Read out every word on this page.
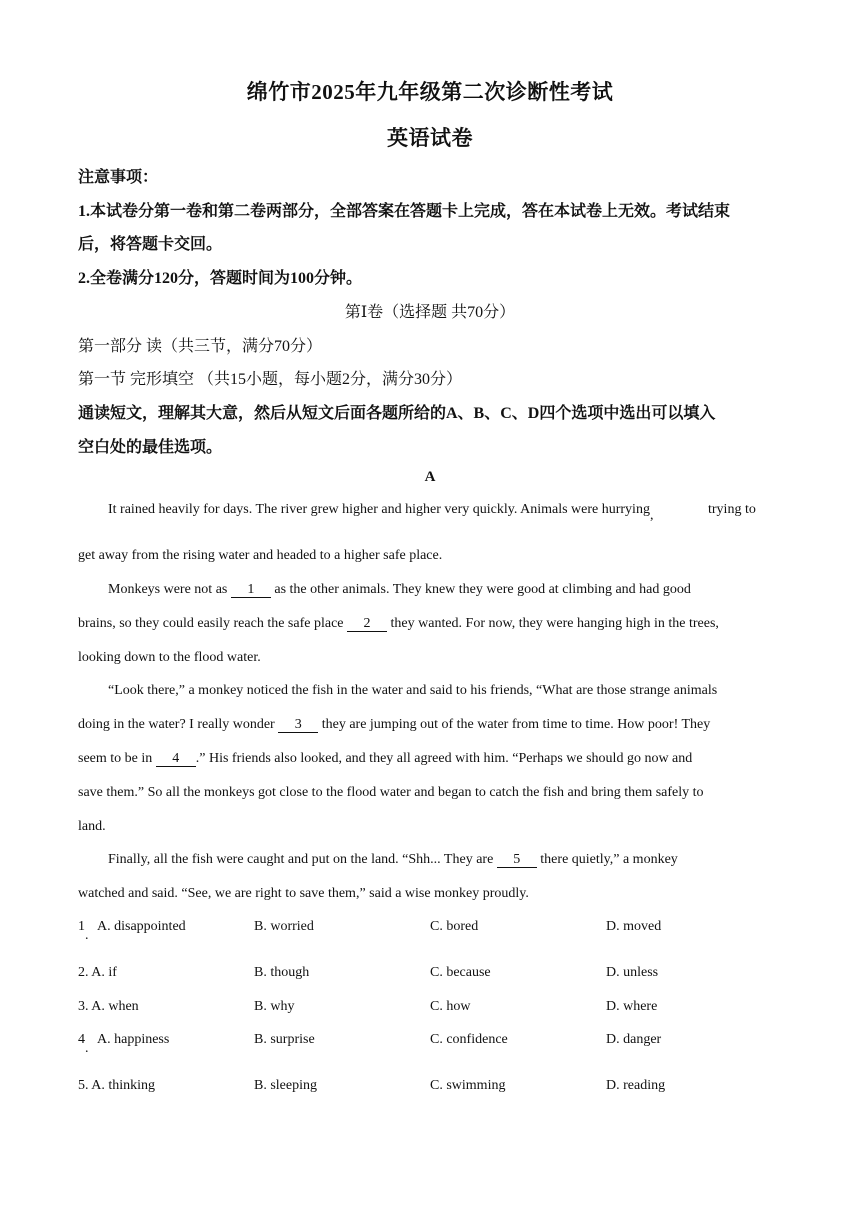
绵竹市2025年九年级第二次诊断性考试
英语试卷
注意事项：
1.本试卷分第一卷和第二卷两部分，全部答案在答题卡上完成，答在本试卷上无效。考试结束
后，将答题卡交回。
2.全卷满分120分，答题时间为100分钟。
第Ⅰ卷（选择题 共70分）
第一部分 读（共三节，满分70分）
第一节 完形填空 （共15小题，每小题2分，满分30分）
通读短文，理解其大意，然后从短文后面各题所给的A、B、C、D四个选项中选出可以填入
空白处的最佳选项。
A
It rained heavily for days. The river grew higher and higher very quickly. Animals were hurrying,	trying to
get away from the rising water and headed to a higher safe place.
Monkeys were not as 1 as the other animals. They knew they were good at climbing and had good
brains, so they could easily reach the safe place 2 they wanted. For now, they were hanging high in the trees,
looking down to the flood water.
“Look there,” a monkey noticed the fish in the water and said to his friends, “What are those strange animals
doing in the water? I really wonder 3 they are jumping out of the water from time to time. How poor! They
seem to be in 4 .” His friends also looked, and they all agreed with him. “Perhaps we should go now and
save them.” So all the monkeys got close to the flood water and began to catch the fish and bring them safely to
land.
Finally, all the fish were caught and put on the land. “Shh... They are 5 there quietly,” a monkey
watched and said. “See, we are right to save them,” said a wise monkey proudly.
1
.
A. disappointed	B. worried	C. bored	D. moved
2. A. if	B. though	C. because	D. unless
3. A. when	B. why	C. how	D. where
4
.
A. happiness	B. surprise	C. confidence	D. danger
5. A. thinking	B. sleeping	C. swimming	D. reading
